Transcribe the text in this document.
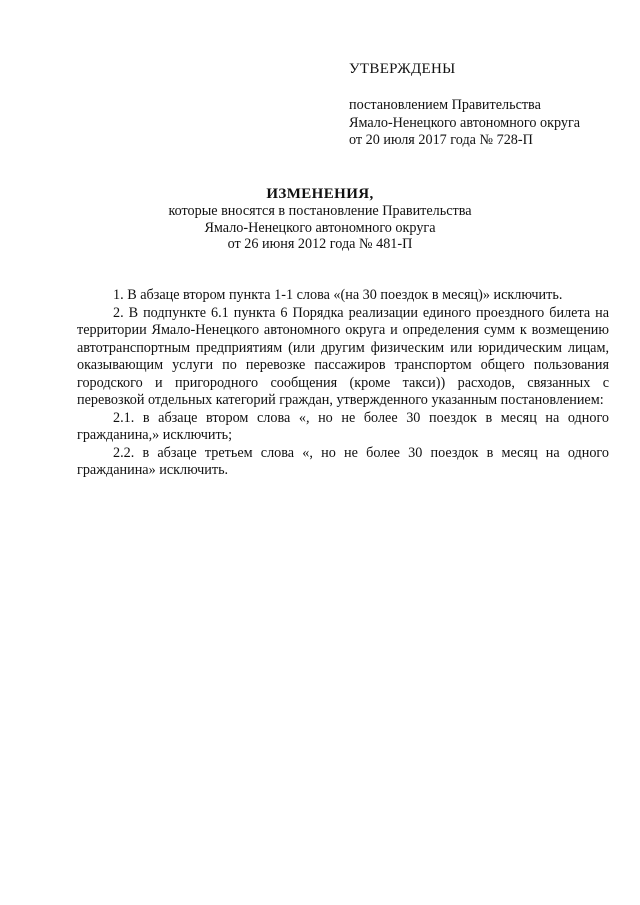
УТВЕРЖДЕНЫ
постановлением Правительства
Ямало-Ненецкого автономного округа
от 20 июля 2017 года № 728-П
ИЗМЕНЕНИЯ,
которые вносятся в постановление Правительства
Ямало-Ненецкого автономного округа
от 26 июня 2012 года № 481-П

1. В абзаце втором пункта 1-1 слова «(на 30 поездок в месяц)» исключить.

2. В подпункте 6.1 пункта 6 Порядка реализации единого проездного билета на территории Ямало-Ненецкого автономного округа и определения сумм к возмещению автотранспортным предприятиям (или другим физическим или юридическим лицам, оказывающим услуги по перевозке пассажиров транспортом общего пользования городского и пригородного сообщения (кроме такси)) расходов, связанных с перевозкой отдельных категорий граждан, утвержденного указанным постановлением:

2.1. в абзаце втором слова «, но не более 30 поездок в месяц на одного гражданина,» исключить;

2.2. в абзаце третьем слова «, но не более 30 поездок в месяц на одного гражданина» исключить.
